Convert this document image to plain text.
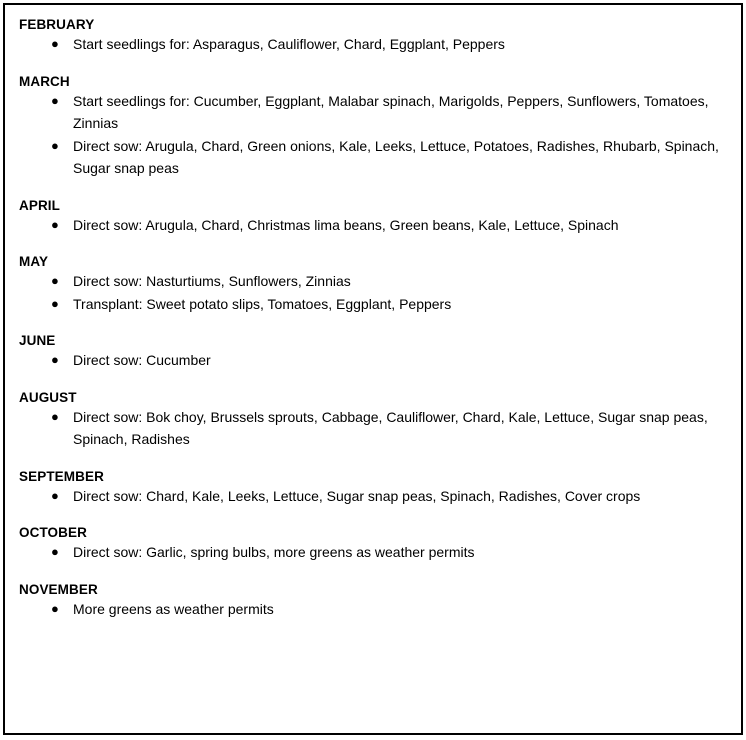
FEBRUARY
● Start seedlings for: Asparagus, Cauliflower, Chard, Eggplant, Peppers
MARCH
● Start seedlings for: Cucumber, Eggplant, Malabar spinach, Marigolds, Peppers, Sunflowers, Tomatoes, Zinnias
● Direct sow: Arugula, Chard, Green onions, Kale, Leeks, Lettuce, Potatoes, Radishes, Rhubarb, Spinach, Sugar snap peas
APRIL
● Direct sow: Arugula, Chard, Christmas lima beans, Green beans, Kale, Lettuce, Spinach
MAY
● Direct sow: Nasturtiums, Sunflowers, Zinnias
● Transplant: Sweet potato slips, Tomatoes, Eggplant, Peppers
JUNE
● Direct sow: Cucumber
AUGUST
● Direct sow: Bok choy, Brussels sprouts, Cabbage, Cauliflower, Chard, Kale, Lettuce, Sugar snap peas, Spinach, Radishes
SEPTEMBER
● Direct sow: Chard, Kale, Leeks, Lettuce, Sugar snap peas, Spinach, Radishes, Cover crops
OCTOBER
● Direct sow: Garlic, spring bulbs, more greens as weather permits
NOVEMBER
● More greens as weather permits
